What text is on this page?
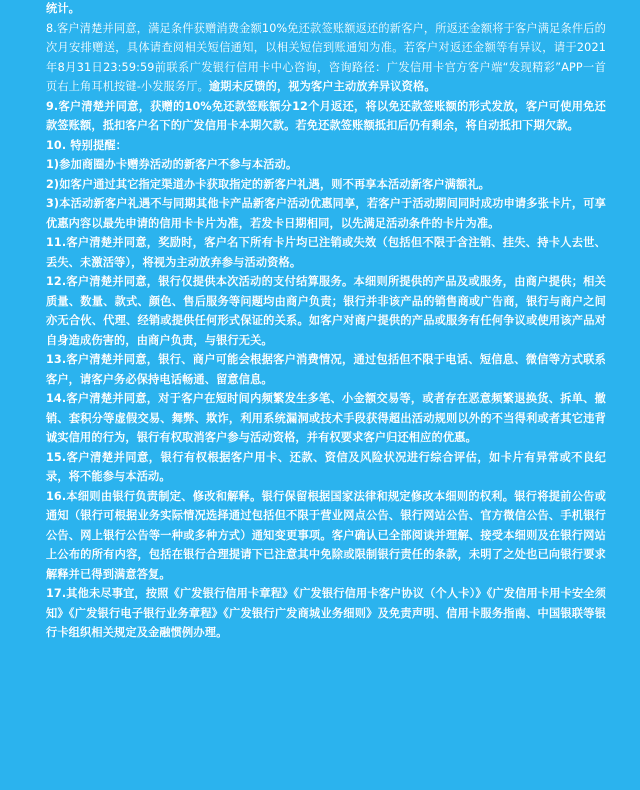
统计。

8.客户清楚并同意，满足条件获赠消费金额10%免还款签账额返还的新客户，所返还金额将于客户满足条件后的次月安排赠送，具体请查阅相关短信通知，以相关短信到账通知为准。若客户对返还金额等有异议，请于2021年8月31日23:59:59前联系广发银行信用卡中心咨询，咨询路径：广发信用卡官方客户端“发现精彩”APP一首页右上角耳机按键-小发服务厅。逾期未反馈的，视为客户主动放弃异议资格。

9.客户清楚并同意，获赠的10%免还款签账额分12个月返还，将以免还款签账额的形式发放，客户可使用免还款签账额，抵扣客户名下的广发信用卡本期欠款。若免还款签账额抵扣后仍有剩余，将自动抵扣下期欠款。

10. 特别提醒：

1)参加商圈办卡赠券活动的新客户不参与本活动。

2)如客户通过其它指定渠道办卡获取指定的新客户礼遇，则不再享本活动新客户满额礼。

3)本活动新客户礼遇不与同期其他卡产品新客户活动优惠同享，若客户于活动期间同时成功申请多张卡片，可享优惠内容以最先申请的信用卡卡片为准，若发卡日期相同，以先满足活动条件的卡片为准。

11.客户清楚并同意，奖励时，客户名下所有卡片均已注销或失效（包括但不限于含注销、挂失、持卡人去世、丢失、未激活等），将视为主动放弃参与活动资格。

12.客户清楚并同意，银行仅提供本次活动的支付结算服务。本细则所提供的产品及或服务，由商户提供；相关质量、数量、款式、颜色、售后服务等问题均由商户负责；银行并非该产品的销售商或广告商，银行与商户之间亦无合伙、代理、经销或提供任何形式保证的关系。如客户对商户提供的产品或服务有任何争议或使用该产品对自身造成伤害的，由商户负责，与银行无关。

13.客户清楚并同意，银行、商户可能会根据客户消费情况，通过包括但不限于电话、短信息、微信等方式联系客户，请客户务必保持电话畅通、留意信息。

14.客户清楚并同意，对于客户在短时间内频繁发生多笔、小金额交易等，或者存在恶意频繁退换货、拆单、撤销、套积分等虚假交易、舞弊、欺诈，利用系统漏洞或技术手段获得超出活动规则以外的不当得利或者其它违背诚实信用的行为，银行有权取消客户参与活动资格，并有权要求客户归还相应的优惠。

15.客户清楚并同意，银行有权根据客户用卡、还款、资信及风险状况进行综合评估，如卡片有异常或不良纪录，将不能参与本活动。

16.本细则由银行负责制定、修改和解释。银行保留根据国家法律和规定修改本细则的权利。银行将提前公告或通知（银行可根据业务实际情况选择通过包括但不限于营业网点公告、银行网站公告、官方微信公告、手机银行公告、网上银行公告等一种或多种方式）通知变更事项。客户确认已全部阅读并理解、接受本细则及在银行网站上公布的所有内容，包括在银行合理提请下已注意其中免除或限制银行责任的条款，未明了之处也已向银行要求解释并已得到满意答复。

17.其他未尽事宜，按照《广发银行信用卡章程》《广发银行信用卡客户协议（个人卡）》《广发信用卡用卡安全须知》《广发银行电子银行业务章程》《广发银行广发商城业务细则》及免责声明、信用卡服务指南、中国银联等银行卡组织相关规定及金融惯例办理。
